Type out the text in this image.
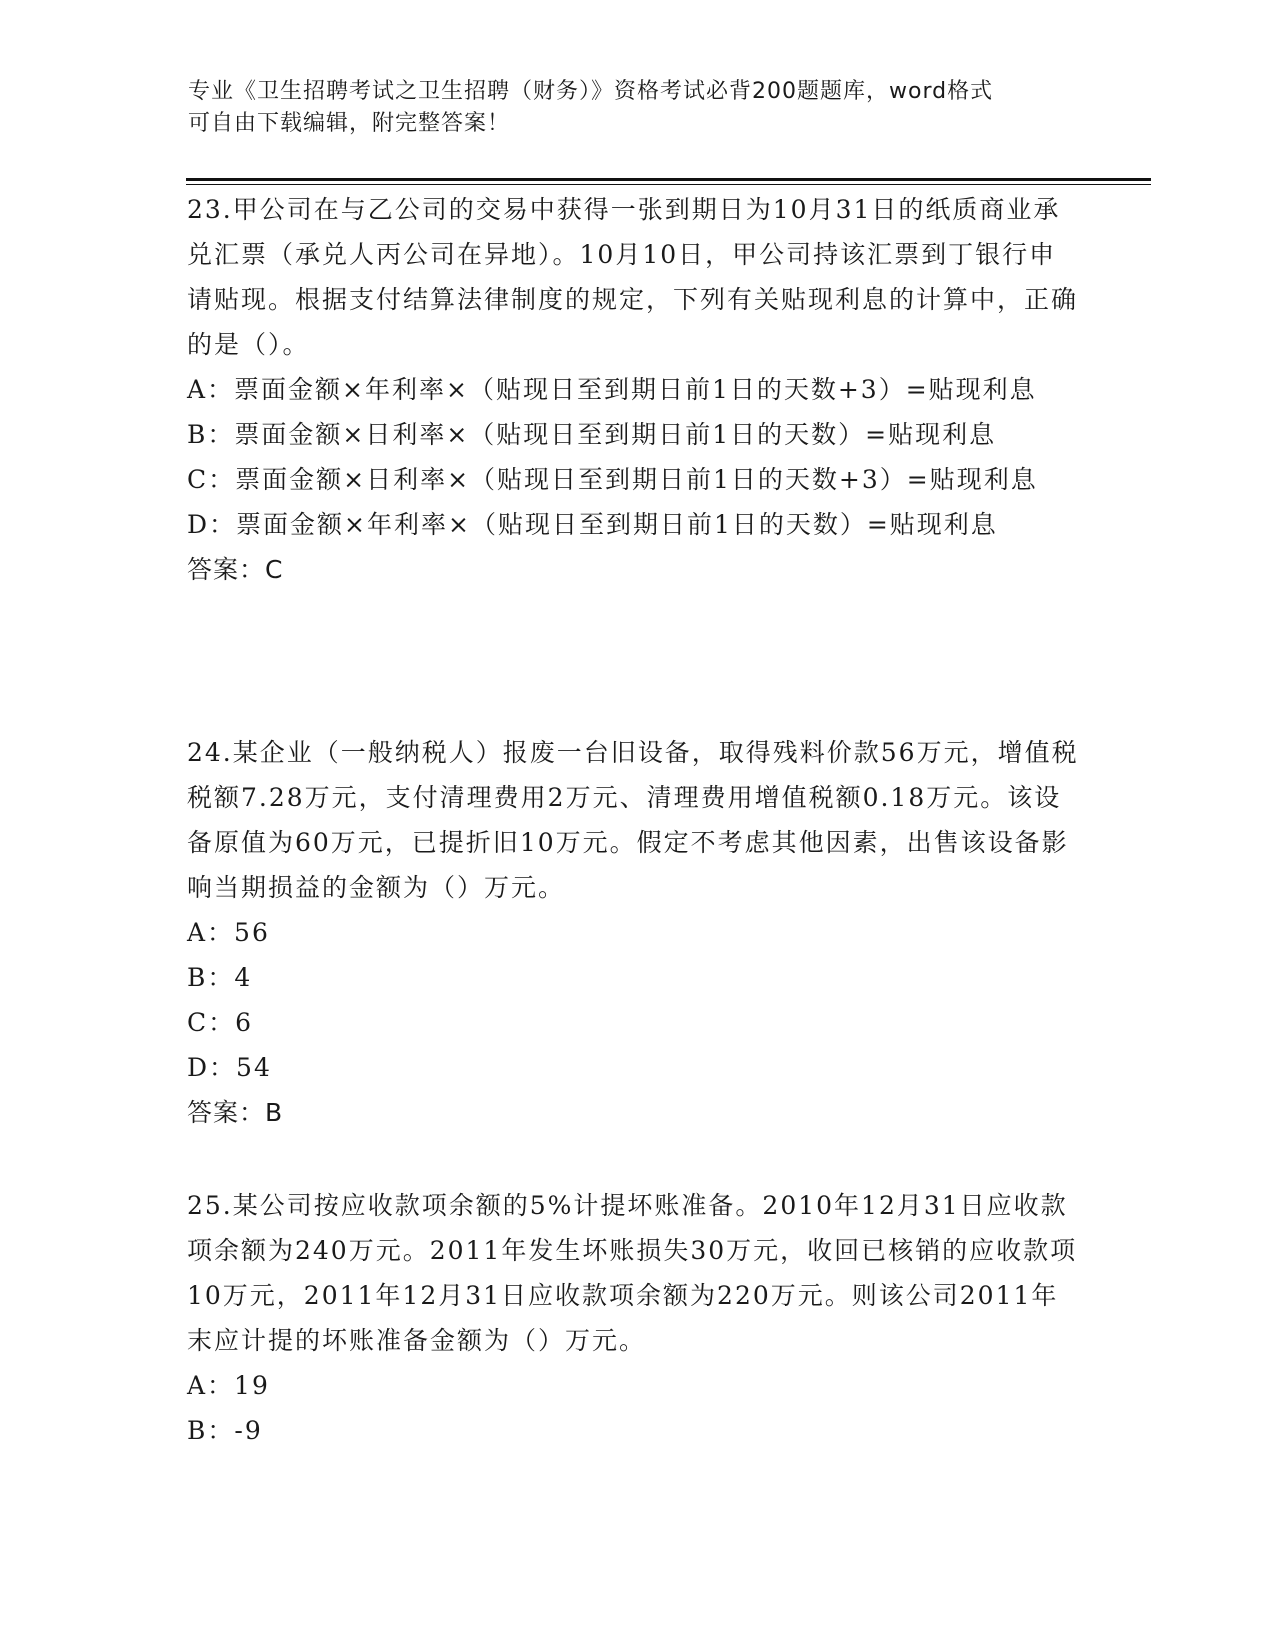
专业《卫生招聘考试之卫生招聘（财务）》资格考试必背200题题库，word格式
可自由下载编辑，附完整答案！
23.甲公司在与乙公司的交易中获得一张到期日为10月31日的纸质商业承兑汇票（承兑人丙公司在异地）。10月10日，甲公司持该汇票到丁银行申请贴现。根据支付结算法律制度的规定，下列有关贴现利息的计算中，正确的是（）。
A：票面金额×年利率×（贴现日至到期日前1日的天数+3）=贴现利息
B：票面金额×日利率×（贴现日至到期日前1日的天数）=贴现利息
C：票面金额×日利率×（贴现日至到期日前1日的天数+3）=贴现利息
D：票面金额×年利率×（贴现日至到期日前1日的天数）=贴现利息
答案：C
24.某企业（一般纳税人）报废一台旧设备，取得残料价款56万元，增值税税额7.28万元，支付清理费用2万元、清理费用增值税额0.18万元。该设备原值为60万元，已提折旧10万元。假定不考虑其他因素，出售该设备影响当期损益的金额为（）万元。
A：56
B：4
C：6
D：54
答案：B
25.某公司按应收款项余额的5%计提坏账准备。2010年12月31日应收款项余额为240万元。2011年发生坏账损失30万元，收回已核销的应收款项10万元，2011年12月31日应收款项余额为220万元。则该公司2011年末应计提的坏账准备金额为（）万元。
A：19
B：-9
